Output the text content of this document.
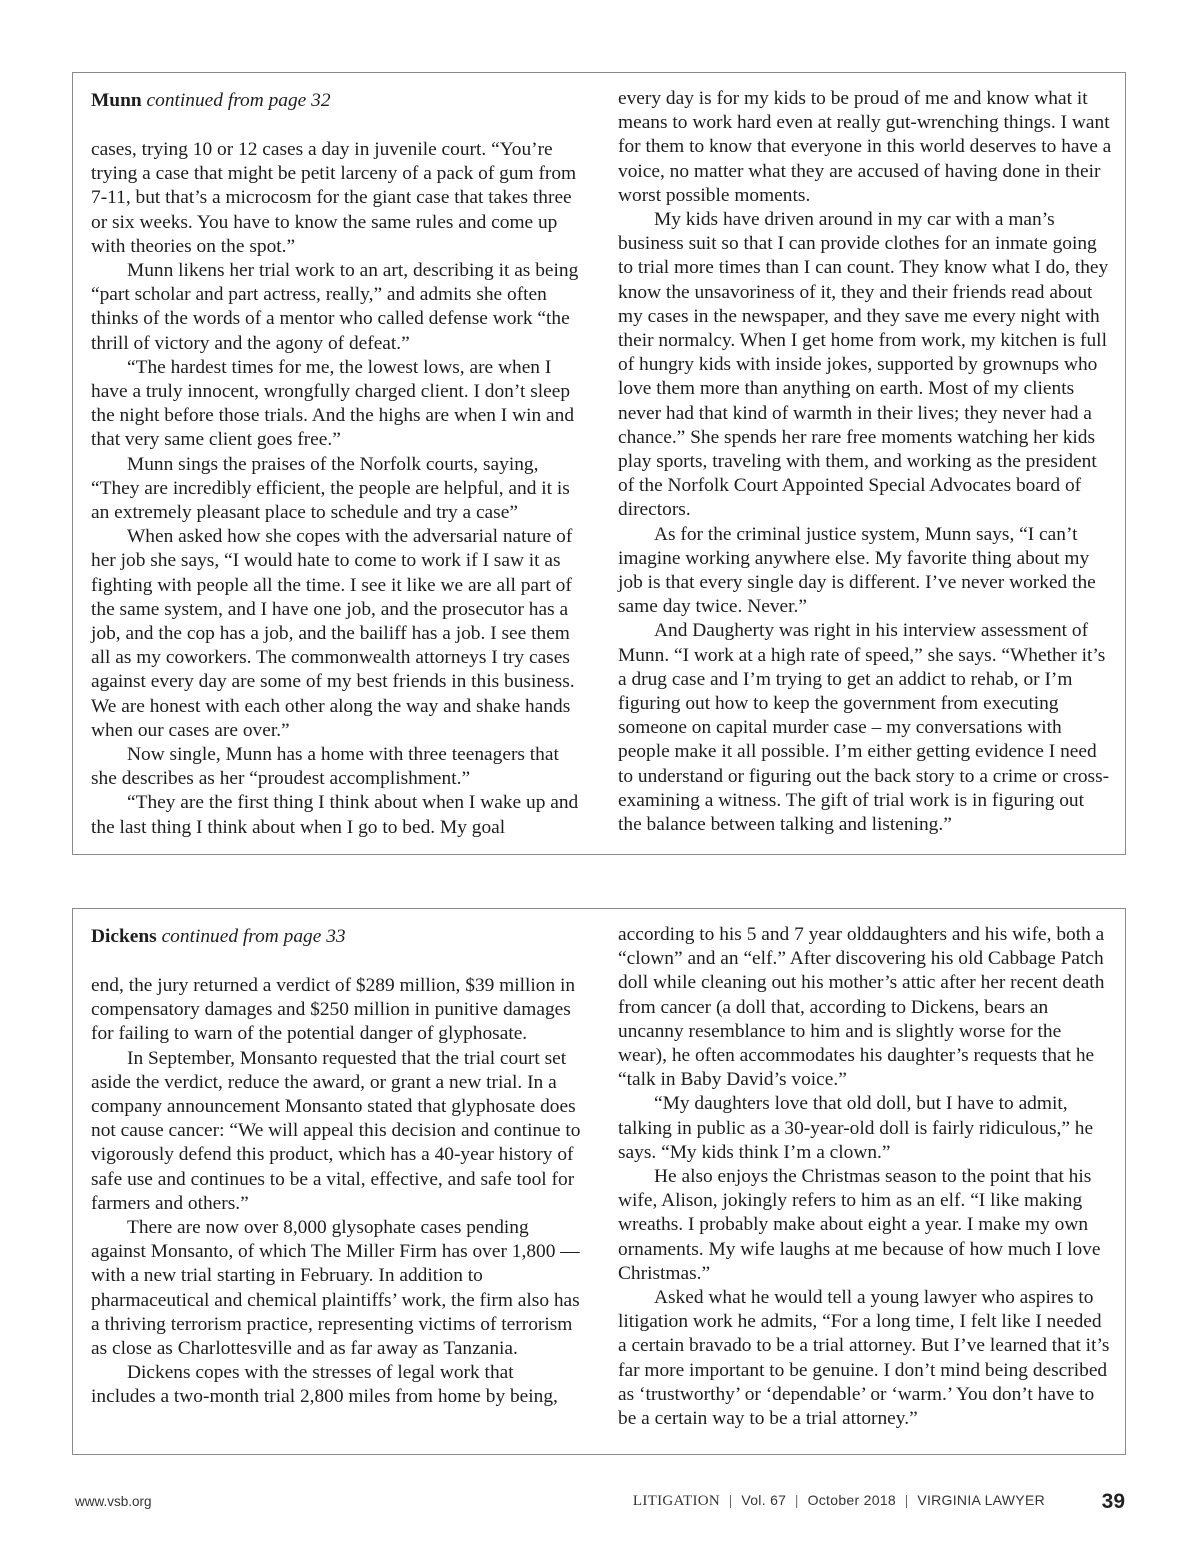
Munn continued from page 32

cases, trying 10 or 12 cases a day in juvenile court. “You’re trying a case that might be petit larceny of a pack of gum from 7-11, but that’s a microcosm for the giant case that takes three or six weeks. You have to know the same rules and come up with theories on the spot.”

Munn likens her trial work to an art, describing it as being “part scholar and part actress, really,” and admits she often thinks of the words of a mentor who called defense work “the thrill of victory and the agony of defeat.”

“The hardest times for me, the lowest lows, are when I have a truly innocent, wrongfully charged client. I don’t sleep the night before those trials. And the highs are when I win and that very same client goes free.”

Munn sings the praises of the Norfolk courts, saying, “They are incredibly efficient, the people are helpful, and it is an extremely pleasant place to schedule and try a case”

When asked how she copes with the adversarial nature of her job she says, “I would hate to come to work if I saw it as fighting with people all the time. I see it like we are all part of the same system, and I have one job, and the prosecutor has a job, and the cop has a job, and the bailiff has a job. I see them all as my coworkers. The commonwealth attorneys I try cases against every day are some of my best friends in this business. We are honest with each other along the way and shake hands when our cases are over.”

Now single, Munn has a home with three teenagers that she describes as her “proudest accomplishment.”

“They are the first thing I think about when I wake up and the last thing I think about when I go to bed. My goal

every day is for my kids to be proud of me and know what it means to work hard even at really gut-wrenching things. I want for them to know that everyone in this world deserves to have a voice, no matter what they are accused of having done in their worst possible moments.

My kids have driven around in my car with a man’s business suit so that I can provide clothes for an inmate going to trial more times than I can count. They know what I do, they know the unsavoriness of it, they and their friends read about my cases in the newspaper, and they save me every night with their normalcy. When I get home from work, my kitchen is full of hungry kids with inside jokes, supported by grownups who love them more than anything on earth. Most of my clients never had that kind of warmth in their lives; they never had a chance.” She spends her rare free moments watching her kids play sports, traveling with them, and working as the president of the Norfolk Court Appointed Special Advocates board of directors.

As for the criminal justice system, Munn says, “I can’t imagine working anywhere else. My favorite thing about my job is that every single day is different. I’ve never worked the same day twice. Never.”

And Daugherty was right in his interview assessment of Munn. “I work at a high rate of speed,” she says. “Whether it’s a drug case and I’m trying to get an addict to rehab, or I’m figuring out how to keep the government from executing someone on capital murder case – my conversations with people make it all possible. I’m either getting evidence I need to understand or figuring out the back story to a crime or cross-examining a witness. The gift of trial work is in figuring out the balance between talking and listening.”

Dickens continued from page 33

end, the jury returned a verdict of $289 million, $39 million in compensatory damages and $250 million in punitive damages for failing to warn of the potential danger of glyphosate.

In September, Monsanto requested that the trial court set aside the verdict, reduce the award, or grant a new trial. In a company announcement Monsanto stated that glyphosate does not cause cancer: “We will appeal this decision and continue to vigorously defend this product, which has a 40-year history of safe use and continues to be a vital, effective, and safe tool for farmers and others.”

There are now over 8,000 glysophate cases pending against Monsanto, of which The Miller Firm has over 1,800 — with a new trial starting in February. In addition to pharmaceutical and chemical plaintiffs’ work, the firm also has a thriving terrorism practice, representing victims of terrorism as close as Charlottesville and as far away as Tanzania.

Dickens copes with the stresses of legal work that includes a two-month trial 2,800 miles from home by being,

according to his 5 and 7 year olddaughters and his wife, both a “clown” and an “elf.” After discovering his old Cabbage Patch doll while cleaning out his mother’s attic after her recent death from cancer (a doll that, according to Dickens, bears an uncanny resemblance to him and is slightly worse for the wear), he often accommodates his daughter’s requests that he “talk in Baby David’s voice.”

“My daughters love that old doll, but I have to admit, talking in public as a 30-year-old doll is fairly ridiculous,” he says. “My kids think I’m a clown.”

He also enjoys the Christmas season to the point that his wife, Alison, jokingly refers to him as an elf. “I like making wreaths. I probably make about eight a year. I make my own ornaments. My wife laughs at me because of how much I love Christmas.”

Asked what he would tell a young lawyer who aspires to litigation work he admits, “For a long time, I felt like I needed a certain bravado to be a trial attorney. But I’ve learned that it’s far more important to be genuine. I don’t mind being described as ‘trustworthy’ or ‘dependable’ or ‘warm.’ You don’t have to be a certain way to be a trial attorney.”

www.vsb.org	LITIGATION | Vol. 67 | October 2018 | VIRGINIA LAWYER	39
